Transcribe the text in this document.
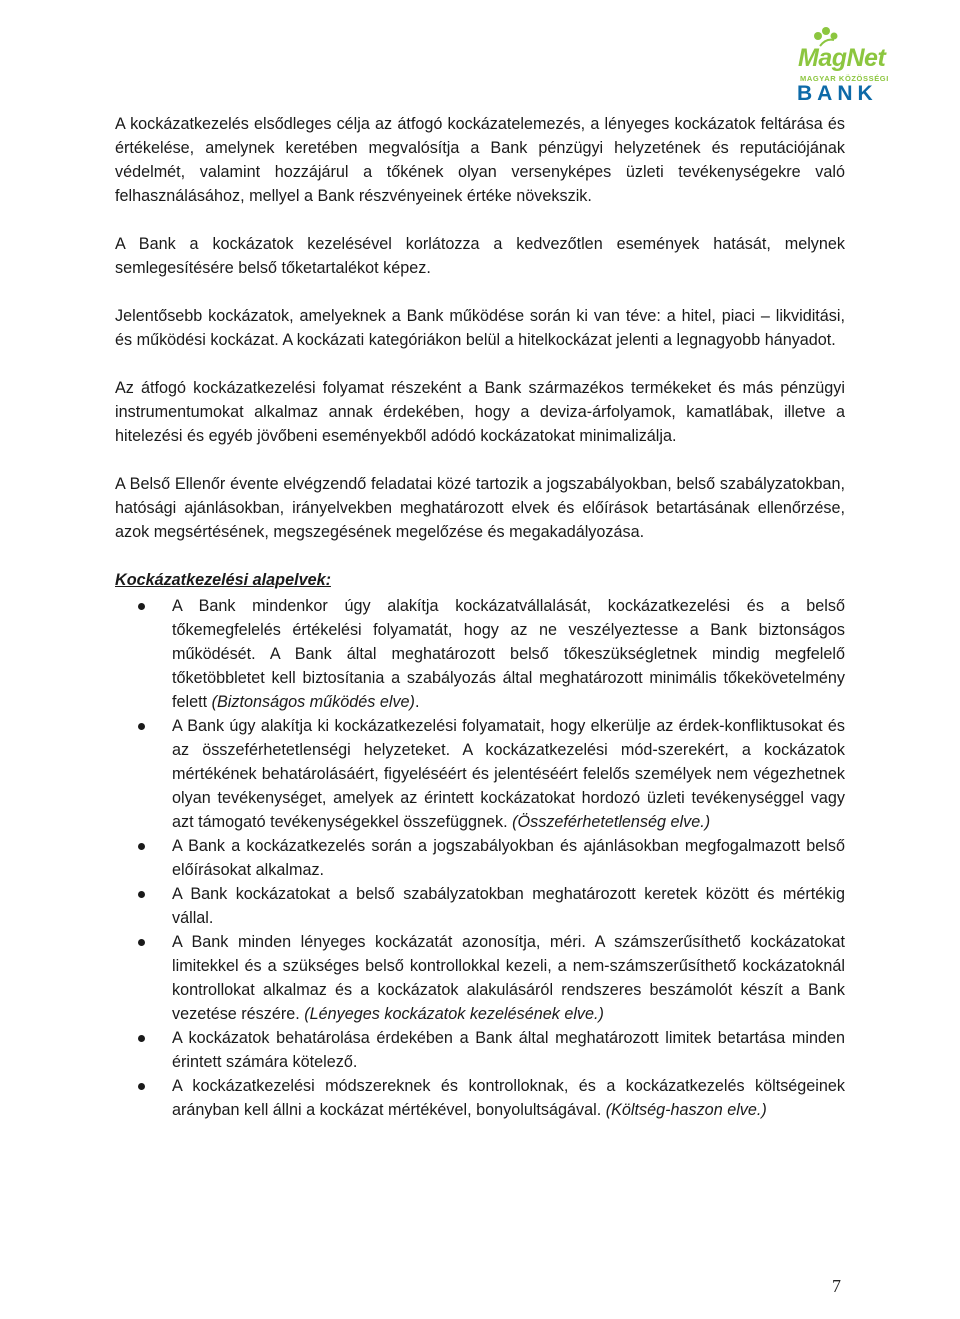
MagNet
MAGYAR KÖZÖSSÉGI
BANK

A kockázatkezelés elsődleges célja az átfogó kockázatelemezés, a lényeges kockázatok feltárása és értékelése, amelynek keretében megvalósítja a Bank pénzügyi helyzetének és reputációjának védelmét, valamint hozzájárul a tőkének olyan versenyképes üzleti tevékenységekre való felhasználásához, mellyel a Bank részvényeinek értéke növekszik.

A Bank a kockázatok kezelésével korlátozza a kedvezőtlen események hatását, melynek semlegesítésére belső tőketartalékot képez.

Jelentősebb kockázatok, amelyeknek a Bank működése során ki van téve: a hitel, piaci – likviditási, és működési kockázat. A kockázati kategóriákon belül a hitelkockázat jelenti a legnagyobb hányadot.

Az átfogó kockázatkezelési folyamat részeként a Bank származékos termékeket és más pénzügyi instrumentumokat alkalmaz annak érdekében, hogy a deviza-árfolyamok, kamatlábak, illetve a hitelezési és egyéb jövőbeni eseményekből adódó kockázatokat minimalizálja.

A Belső Ellenőr évente elvégzendő feladatai közé tartozik a jogszabályokban, belső szabályzatokban, hatósági ajánlásokban, irányelvekben meghatározott elvek és előírások betartásának ellenőrzése, azok megsértésének, megszegésének megelőzése és megakadályozása.

Kockázatkezelési alapelvek:
A Bank mindenkor úgy alakítja kockázatvállalását, kockázatkezelési és a belső tőkemegfelelés értékelési folyamatát, hogy az ne veszélyeztesse a Bank biztonságos működését. A Bank által meghatározott belső tőkeszükségletnek mindig megfelelő tőketöbbletet kell biztosítania a szabályozás által meghatározott minimális tőkekövetelmény felett (Biztonságos működés elve).
A Bank úgy alakítja ki kockázatkezelési folyamatait, hogy elkerülje az érdek-konfliktusokat és az összeférhetetlenségi helyzeteket. A kockázatkezelési mód-szerekért, a kockázatok mértékének behatárolásáért, figyeléséért és jelentéséért felelős személyek nem végezhetnek olyan tevékenységet, amelyek az érintett kockázatokat hordozó üzleti tevékenységgel vagy azt támogató tevékenységekkel összefüggnek. (Összeférhetetlenség elve.)
A Bank a kockázatkezelés során a jogszabályokban és ajánlásokban megfogalmazott belső előírásokat alkalmaz.
A Bank kockázatokat a belső szabályzatokban meghatározott keretek között és mértékig vállal.
A Bank minden lényeges kockázatát azonosítja, méri. A számszerűsíthető kockázatokat limitekkel és a szükséges belső kontrollokkal kezeli, a nem-számszerűsíthető kockázatoknál kontrollokat alkalmaz és a kockázatok alakulásáról rendszeres beszámolót készít a Bank vezetése részére. (Lényeges kockázatok kezelésének elve.)
A kockázatok behatárolása érdekében a Bank által meghatározott limitek betartása minden érintett számára kötelező.
A kockázatkezelési módszereknek és kontrolloknak, és a kockázatkezelés költségeinek arányban kell állni a kockázat mértékével, bonyolultságával. (Költség-haszon elve.)
7
